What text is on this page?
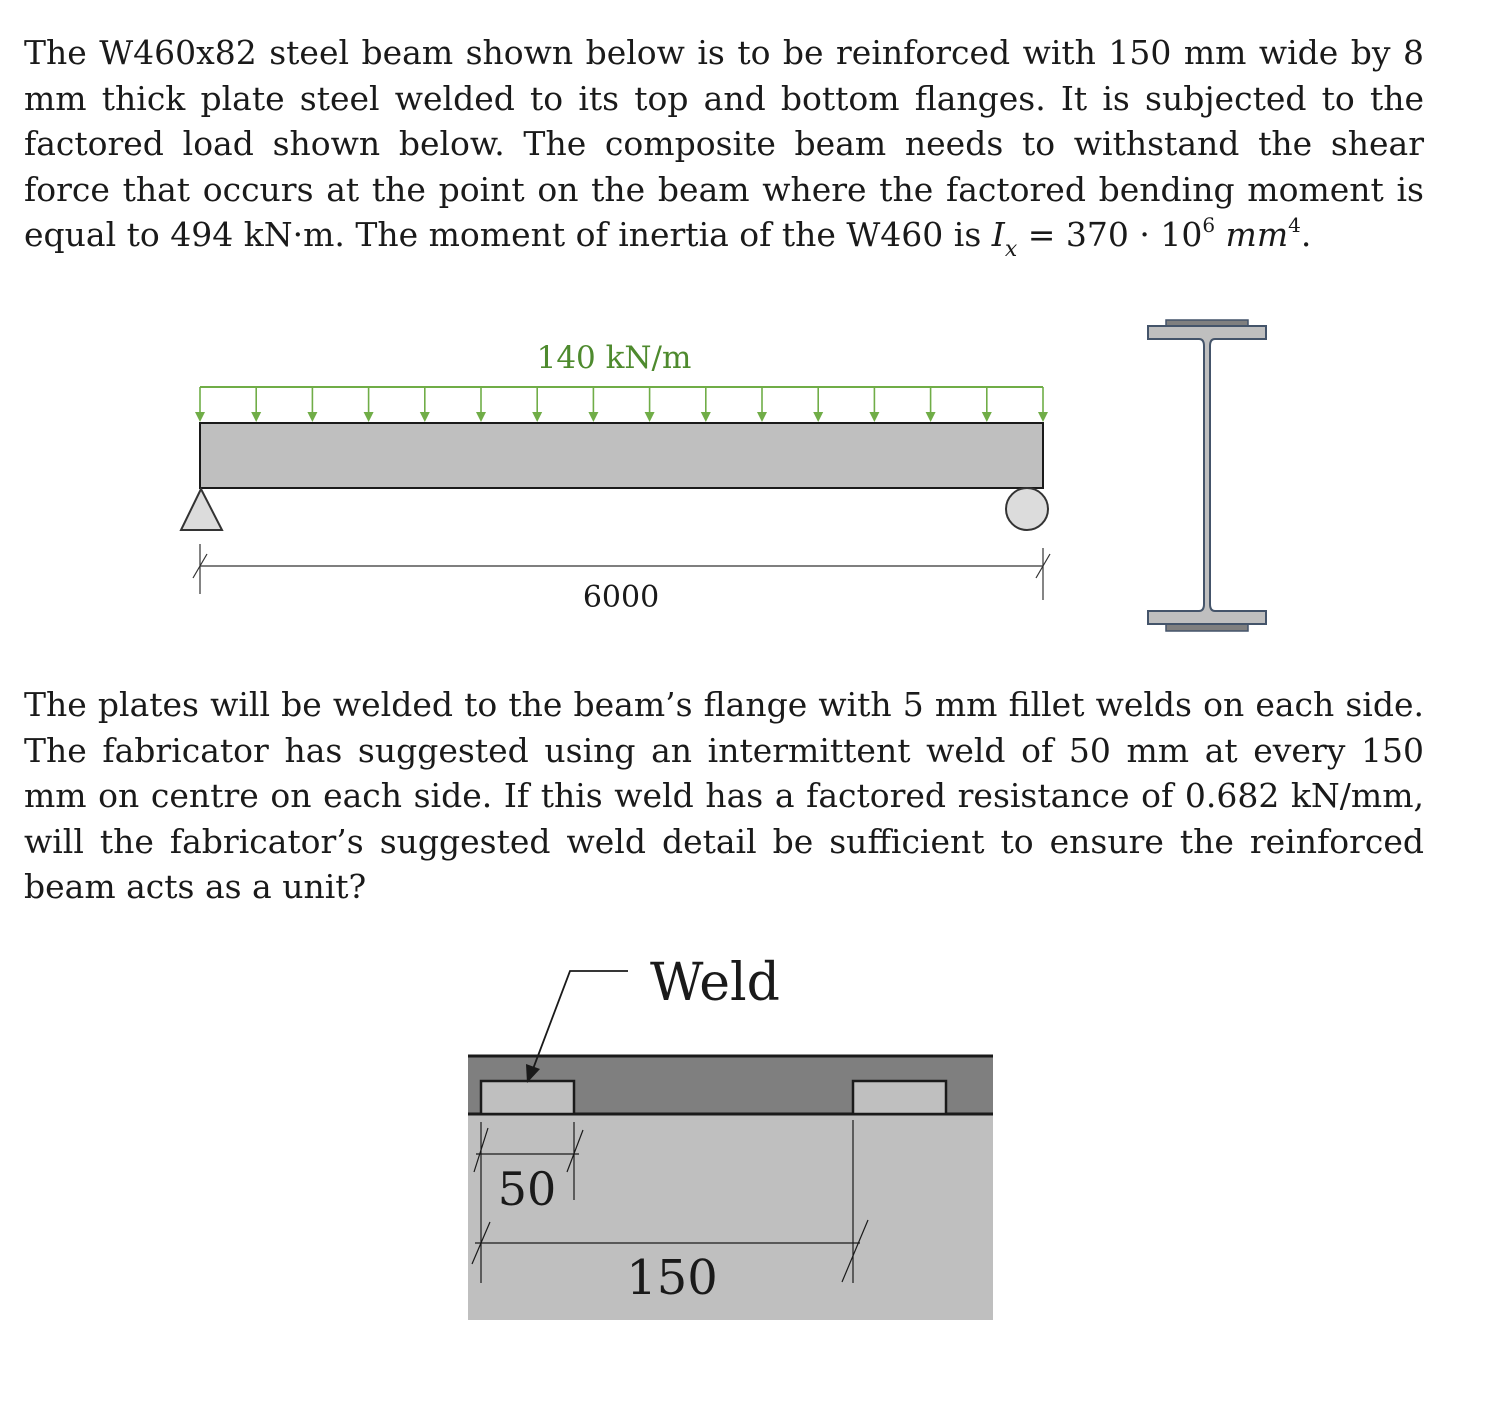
The W460x82 steel beam shown below is to be reinforced with 150 mm wide by 8 mm thick plate steel welded to its top and bottom flanges. It is subjected to the factored load shown below. The composite beam needs to withstand the shear force that occurs at the point on the beam where the factored bending moment is equal to 494 kN·m. The moment of inertia of the W460 is $I_x = 370 \cdot 10^6$ $mm^4$.

140 kN/m
6000
Weld
50
150

The plates will be welded to the beam’s flange with 5 mm fillet welds on each side. The fabricator has suggested using an intermittent weld of 50 mm at every 150 mm on centre on each side. If this weld has a factored resistance of 0.682 kN/mm, will the fabricator’s suggested weld detail be sufficient to ensure the reinforced beam acts as a unit?
